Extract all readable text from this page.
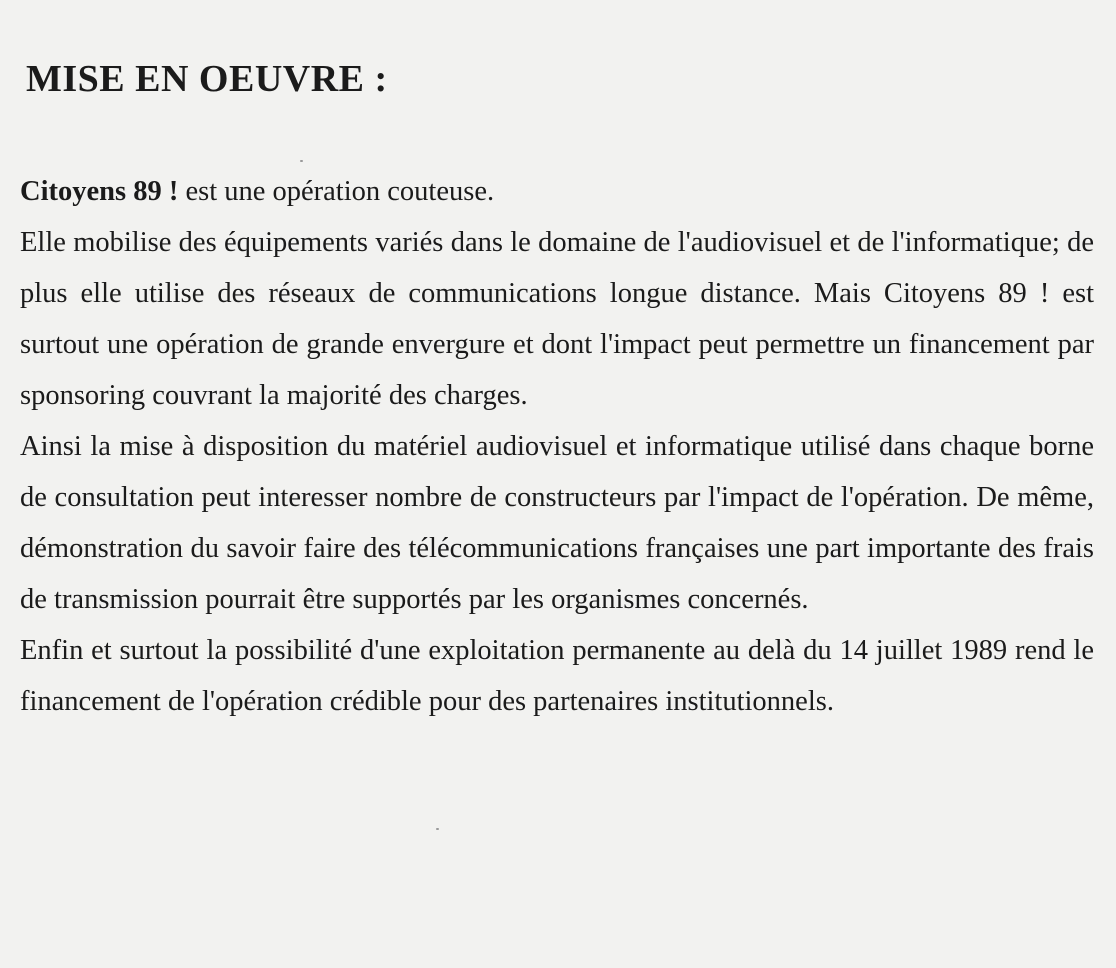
MISE EN OEUVRE :

Citoyens 89 ! est une opération couteuse.

Elle mobilise des équipements variés dans le domaine de l'audiovisuel et de l'informatique; de plus elle utilise des réseaux de communications longue distance. Mais Citoyens 89 ! est surtout une opération de grande envergure et dont l'impact peut permettre un financement par sponsoring couvrant la majorité des charges.

Ainsi la mise à disposition du matériel audiovisuel et informatique utilisé dans chaque borne de consultation peut interesser nombre de constructeurs par l'impact de l'opération. De même, démonstration du savoir faire des télécommunications françaises une part importante des frais de transmission pourrait être supportés par les organismes concernés.

Enfin et surtout la possibilité d'une exploitation permanente au delà du 14 juillet 1989 rend le financement de l'opération crédible pour des partenaires institutionnels.
